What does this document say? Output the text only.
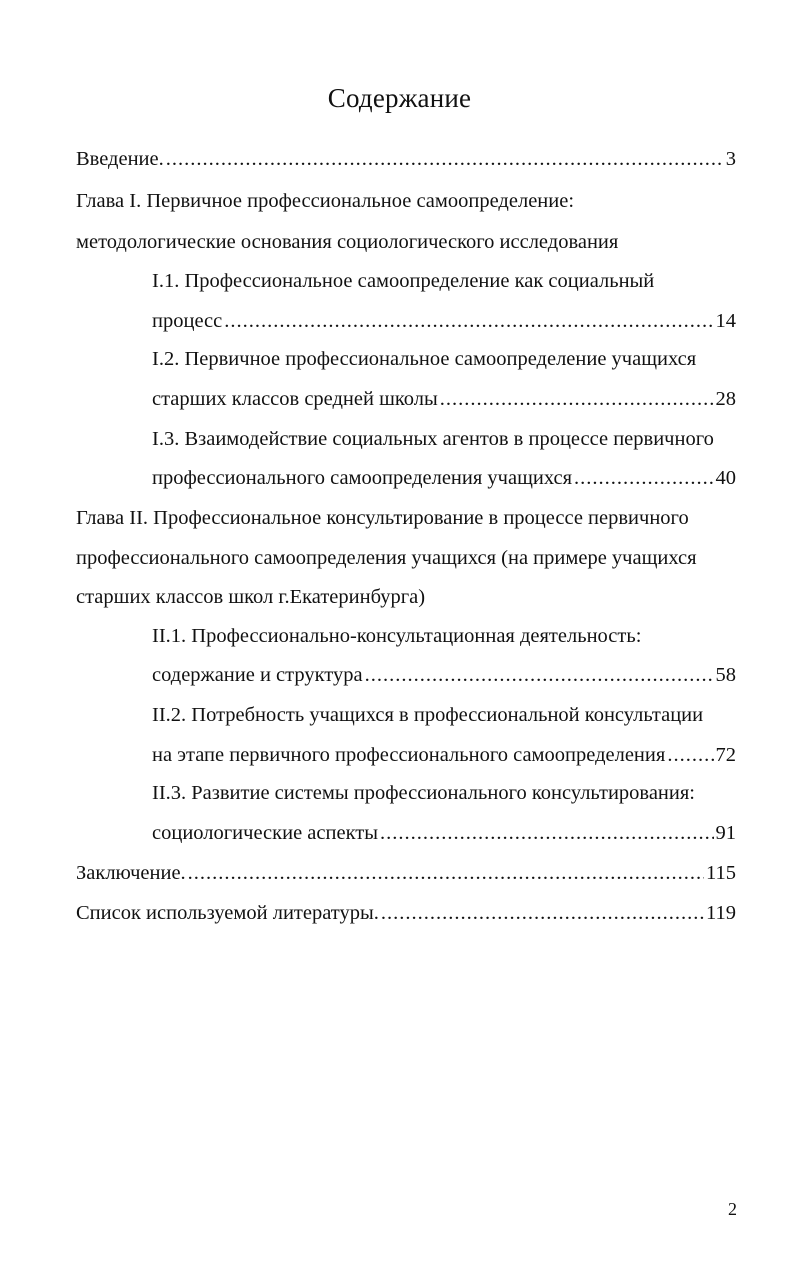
Содержание
Введение. .....	3
Глава I. Первичное профессиональное самоопределение:
методологические основания социологического исследования
I.1. Профессиональное самоопределение как социальный
процесс .....	14
I.2. Первичное профессиональное самоопределение учащихся
старших классов средней школы .....	28
I.3. Взаимодействие социальных агентов в процессе первичного
профессионального самоопределения учащихся .....	40
Глава II. Профессиональное консультирование в процессе первичного
профессионального самоопределения учащихся (на примере учащихся
старших классов школ г.Екатеринбурга)
II.1. Профессионально-консультационная деятельность:
содержание и структура .....	58
II.2. Потребность учащихся в профессиональной консультации
на этапе первичного профессионального самоопределения ..... 72
II.3. Развитие системы профессионального консультирования:
социологические аспекты .....	91
Заключение. .....	115
Список используемой литературы. .....	119
2
